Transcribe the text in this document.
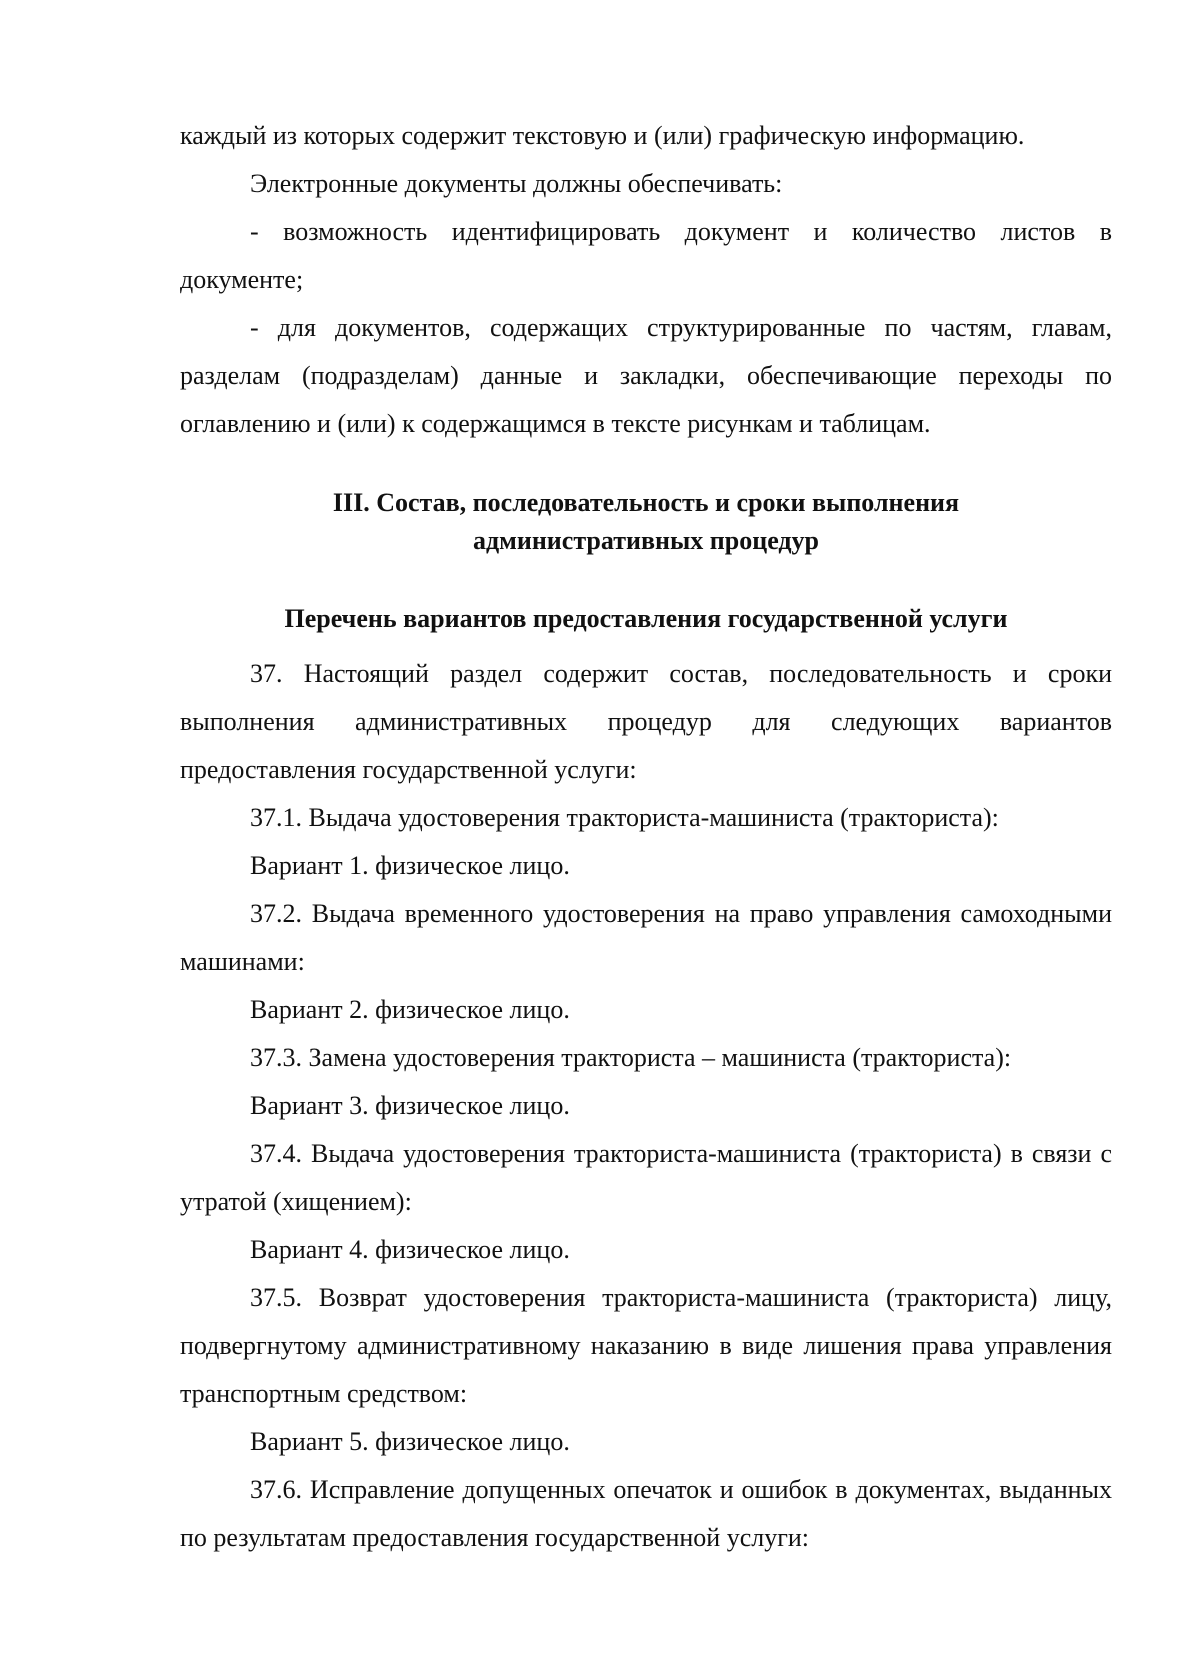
каждый из которых содержит текстовую и (или) графическую информацию.

Электронные документы должны обеспечивать:

- возможность идентифицировать документ и количество листов в документе;

- для документов, содержащих структурированные по частям, главам, разделам (подразделам) данные и закладки, обеспечивающие переходы по оглавлению и (или) к содержащимся в тексте рисункам и таблицам.

III. Состав, последовательность и сроки выполнения
административных процедур
Перечень вариантов предоставления государственной услуги

37. Настоящий раздел содержит состав, последовательность и сроки выполнения административных процедур для следующих вариантов предоставления государственной услуги:

37.1. Выдача удостоверения тракториста-машиниста (тракториста):

Вариант 1. физическое лицо.

37.2. Выдача временного удостоверения на право управления самоходными машинами:

Вариант 2. физическое лицо.

37.3. Замена удостоверения тракториста – машиниста (тракториста):

Вариант 3. физическое лицо.

37.4. Выдача удостоверения тракториста-машиниста (тракториста) в связи с утратой (хищением):

Вариант 4. физическое лицо.

37.5. Возврат удостоверения тракториста-машиниста (тракториста) лицу, подвергнутому административному наказанию в виде лишения права управления транспортным средством:

Вариант 5. физическое лицо.

37.6. Исправление допущенных опечаток и ошибок в документах, выданных по результатам предоставления государственной услуги:
